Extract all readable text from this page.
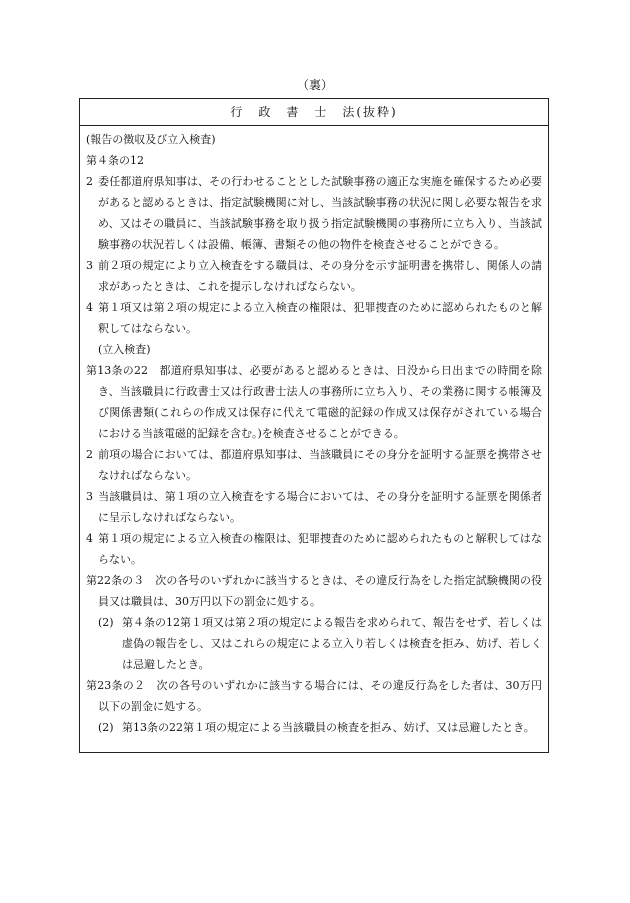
（裏）
行　政　書　士　法(抜粋)
(報告の徴収及び立入検査)
第４条の12
2 委任都道府県知事は、その行わせることとした試験事務の適正な実施を確保するため必要があると認めるときは、指定試験機関に対し、当該試験事務の状況に関し必要な報告を求め、又はその職員に、当該試験事務を取り扱う指定試験機関の事務所に立ち入り、当該試験事務の状況若しくは設備、帳簿、書類その他の物件を検査させることができる。
3 前２項の規定により立入検査をする職員は、その身分を示す証明書を携帯し、関係人の請求があったときは、これを提示しなければならない。
4 第１項又は第２項の規定による立入検査の権限は、犯罪捜査のために認められたものと解釈してはならない。
(立入検査)
第13条の22　都道府県知事は、必要があると認めるときは、日没から日出までの時間を除き、当該職員に行政書士又は行政書士法人の事務所に立ち入り、その業務に関する帳簿及び関係書類(これらの作成又は保存に代えて電磁的記録の作成又は保存がされている場合における当該電磁的記録を含む。)を検査させることができる。
2 前項の場合においては、都道府県知事は、当該職員にその身分を証明する証票を携帯させなければならない。
3 当該職員は、第１項の立入検査をする場合においては、その身分を証明する証票を関係者に呈示しなければならない。
4 第１項の規定による立入検査の権限は、犯罪捜査のために認められたものと解釈してはならない。
第22条の３　次の各号のいずれかに該当するときは、その違反行為をした指定試験機関の役員又は職員は、30万円以下の罰金に処する。
(2) 第４条の12第１項又は第２項の規定による報告を求められて、報告をせず、若しくは虚偽の報告をし、又はこれらの規定による立入り若しくは検査を拒み、妨げ、若しくは忌避したとき。
第23条の２　次の各号のいずれかに該当する場合には、その違反行為をした者は、30万円以下の罰金に処する。
(2) 第13条の22第１項の規定による当該職員の検査を拒み、妨げ、又は忌避したとき。
